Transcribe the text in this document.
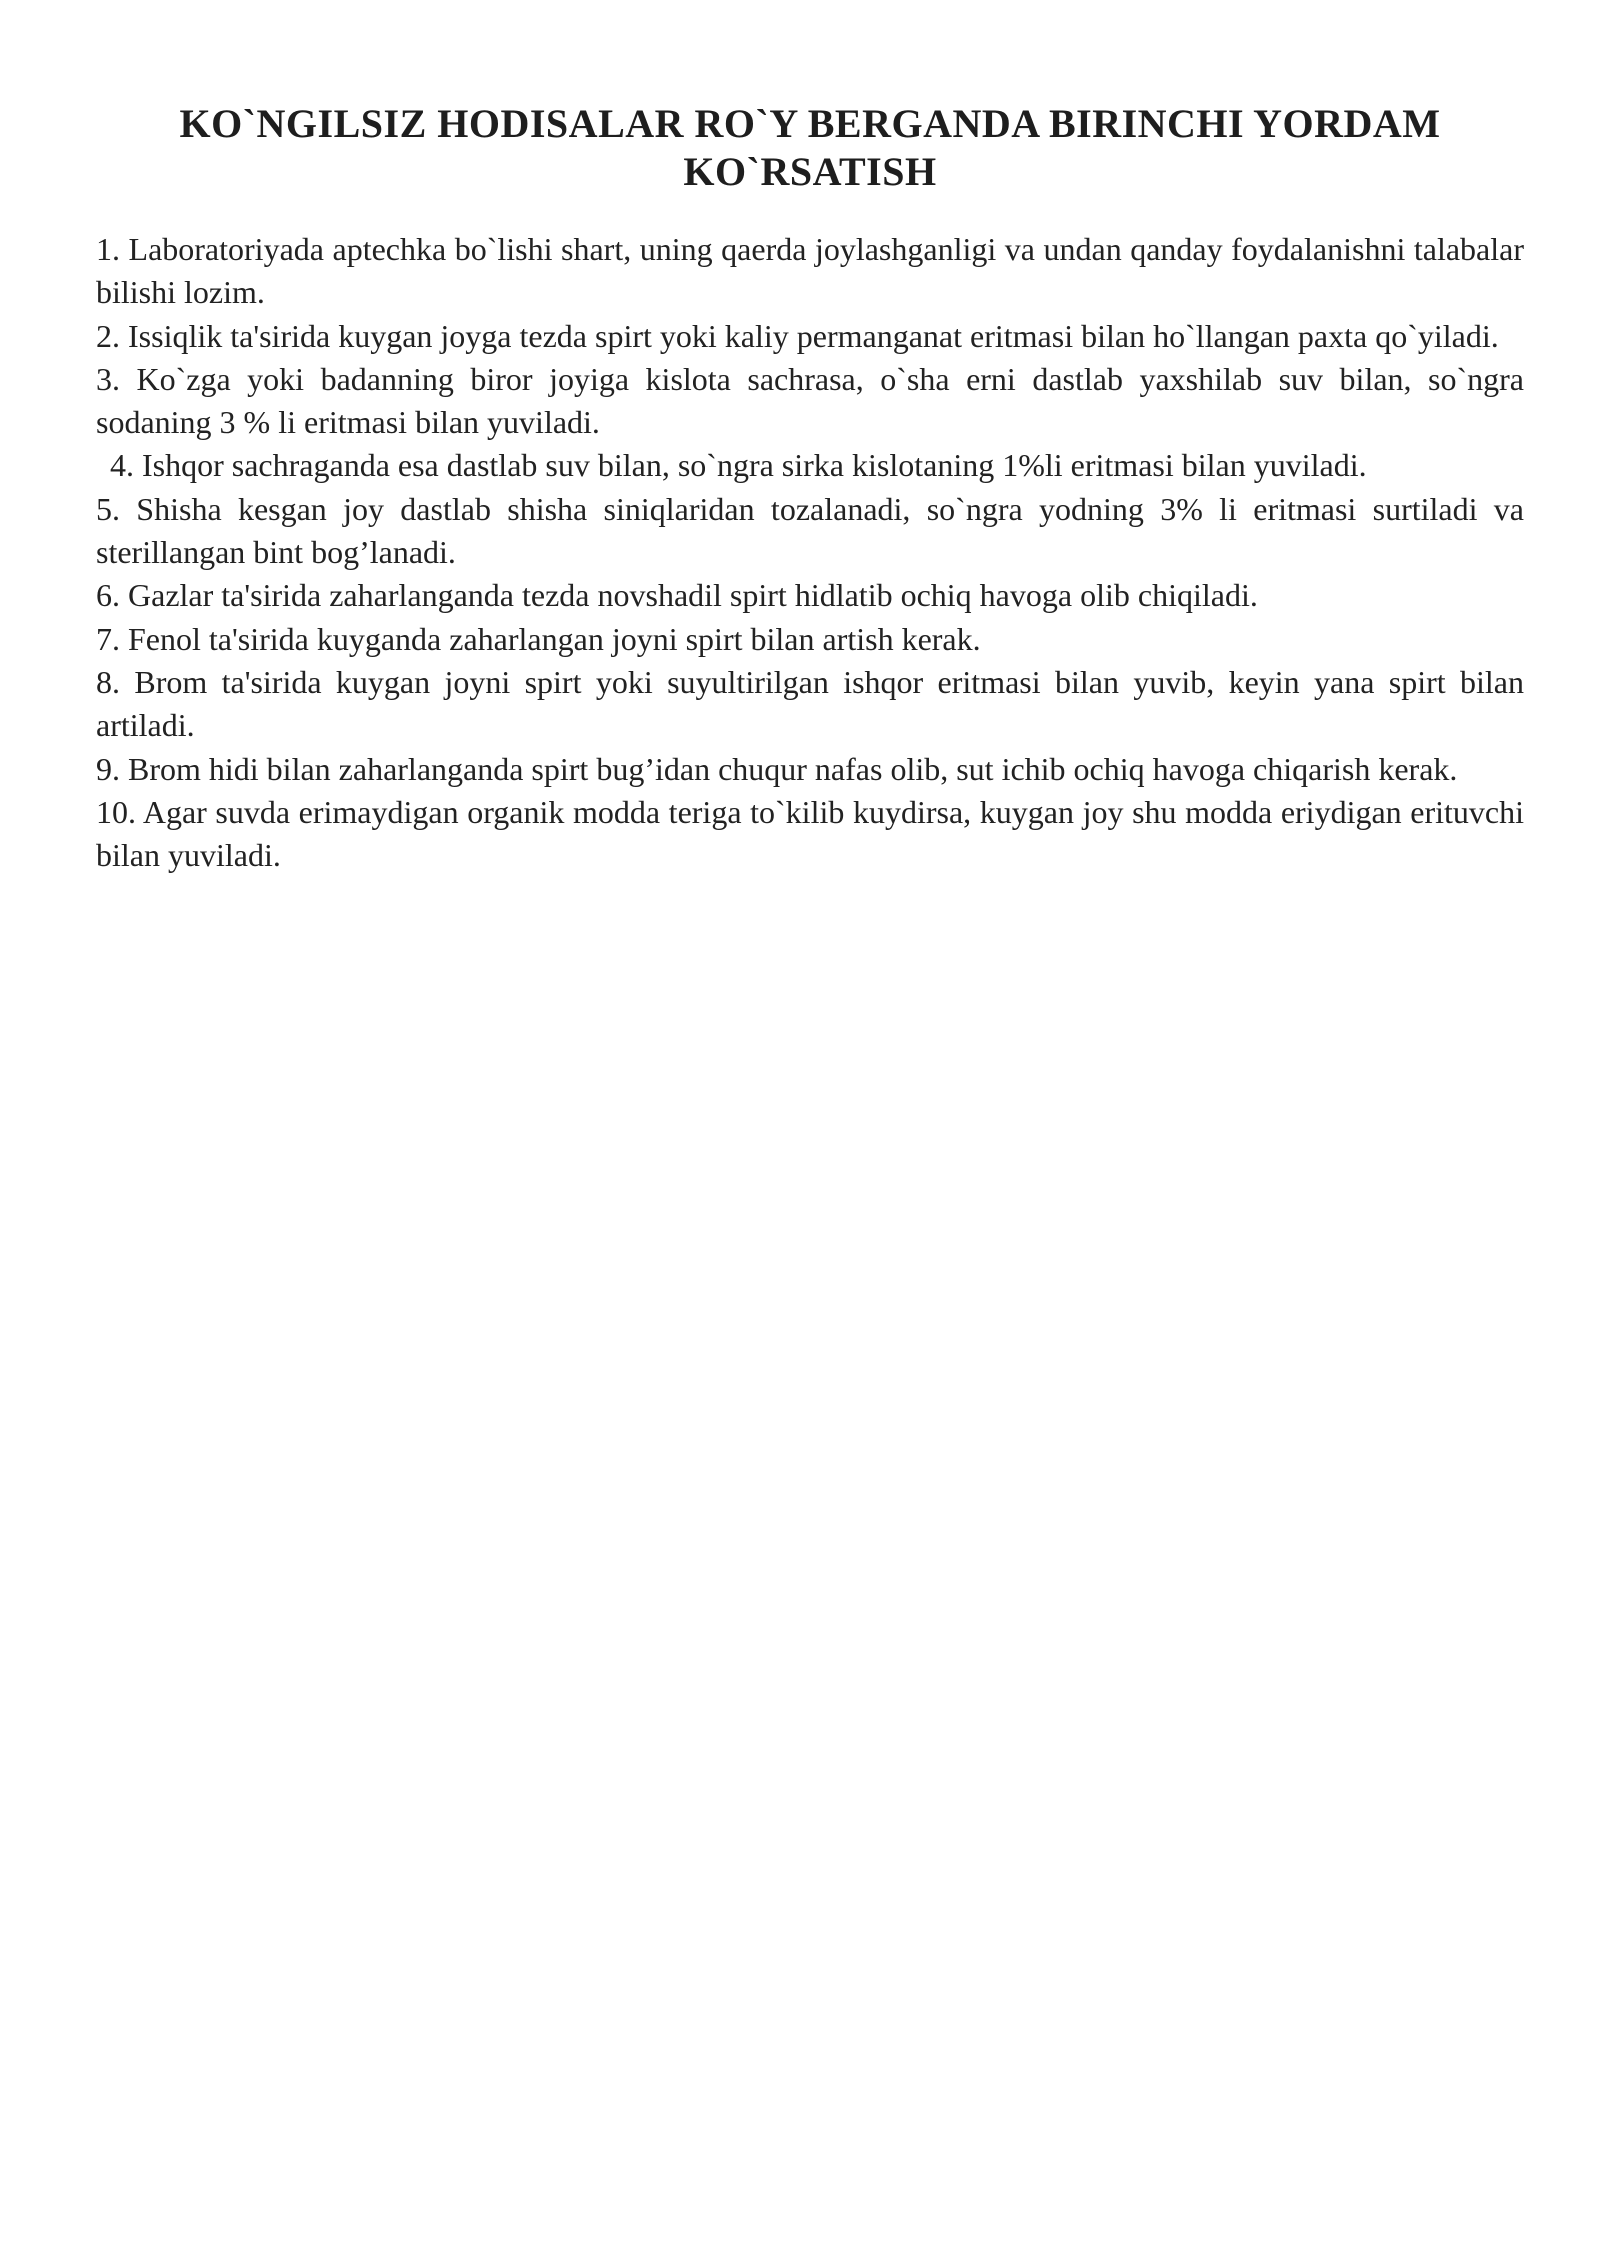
KO`NGILSIZ HODISALAR RO`Y BERGANDA BIRINCHI YORDAM
KO`RSATISH

1. Laboratoriyada aptechka bo`lishi shart, uning qaerda joylashganligi va undan qanday foydalanishni talabalar bilishi lozim.

2. Issiqlik ta'sirida kuygan joyga tezda spirt yoki kaliy permanganat eritmasi bilan ho`llangan paxta qo`yiladi.

3. Ko`zga yoki badanning biror joyiga kislota sachrasa, o`sha erni dastlab yaxshilab suv bilan, so`ngra sodaning 3 % li eritmasi bilan yuviladi.

4. Ishqor sachraganda esa dastlab suv bilan, so`ngra sirka kislotaning 1%li eritmasi bilan yuviladi.

5. Shisha kesgan joy dastlab shisha siniqlaridan tozalanadi, so`ngra yodning 3% li eritmasi surtiladi va sterillangan bint bog’lanadi.

6. Gazlar ta'sirida zaharlanganda tezda novshadil spirt hidlatib ochiq havoga olib chiqiladi.

7. Fenol ta'sirida kuyganda zaharlangan joyni spirt bilan artish kerak.

8. Brom ta'sirida kuygan joyni spirt yoki suyultirilgan ishqor eritmasi bilan yuvib, keyin yana spirt bilan artiladi.

9. Brom hidi bilan zaharlanganda spirt bug’idan chuqur nafas olib, sut ichib ochiq havoga chiqarish kerak.

10. Agar suvda erimaydigan organik modda teriga to`kilib kuydirsa, kuygan joy shu modda eriydigan erituvchi bilan yuviladi.
